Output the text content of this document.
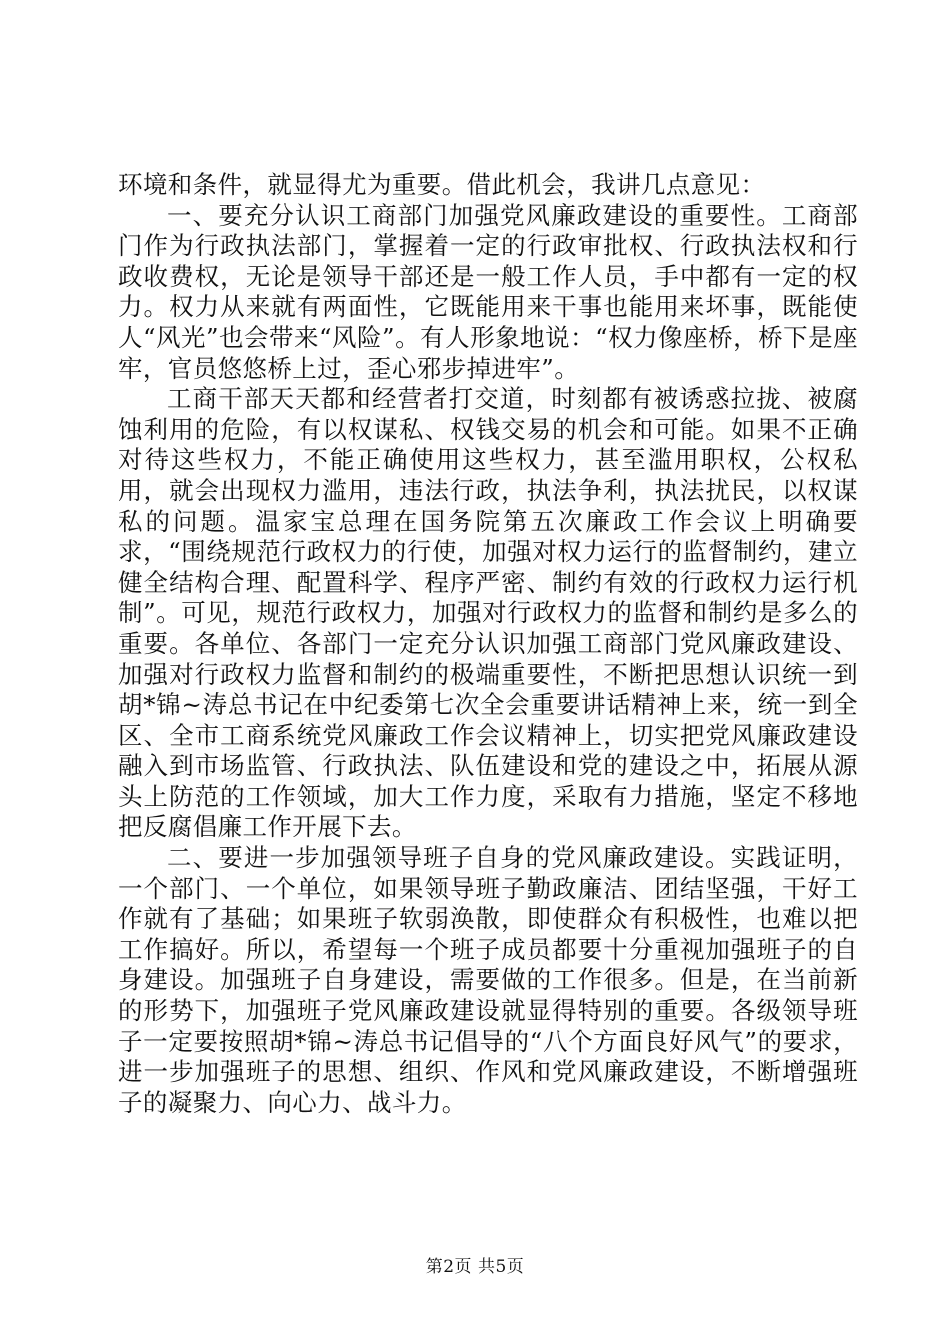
环境和条件，就显得尤为重要。借此机会，我讲几点意见：

一、要充分认识工商部门加强党风廉政建设的重要性。工商部门作为行政执法部门，掌握着一定的行政审批权、行政执法权和行政收费权，无论是领导干部还是一般工作人员，手中都有一定的权力。权力从来就有两面性，它既能用来干事也能用来坏事，既能使人“风光”也会带来“风险”。有人形象地说：“权力像座桥，桥下是座牢，官员悠悠桥上过，歪心邪步掉进牢”。

工商干部天天都和经营者打交道，时刻都有被诱惑拉拢、被腐蚀利用的危险，有以权谋私、权钱交易的机会和可能。如果不正确对待这些权力，不能正确使用这些权力，甚至滥用职权，公权私用，就会出现权力滥用，违法行政，执法争利，执法扰民，以权谋私的问题。温家宝总理在国务院第五次廉政工作会议上明确要求，“围绕规范行政权力的行使，加强对权力运行的监督制约，建立健全结构合理、配置科学、程序严密、制约有效的行政权力运行机制”。可见，规范行政权力，加强对行政权力的监督和制约是多么的重要。各单位、各部门一定充分认识加强工商部门党风廉政建设、加强对行政权力监督和制约的极端重要性，不断把思想认识统一到胡*锦~涛总书记在中纪委第七次全会重要讲话精神上来，统一到全区、全市工商系统党风廉政工作会议精神上，切实把党风廉政建设融入到市场监管、行政执法、队伍建设和党的建设之中，拓展从源头上防范的工作领域，加大工作力度，采取有力措施，坚定不移地把反腐倡廉工作开展下去。

二、要进一步加强领导班子自身的党风廉政建设。实践证明，一个部门、一个单位，如果领导班子勤政廉洁、团结坚强，干好工作就有了基础；如果班子软弱涣散，即使群众有积极性，也难以把工作搞好。所以，希望每一个班子成员都要十分重视加强班子的自身建设。加强班子自身建设，需要做的工作很多。但是，在当前新的形势下，加强班子党风廉政建设就显得特别的重要。各级领导班子一定要按照胡*锦~涛总书记倡导的“八个方面良好风气”的要求，进一步加强班子的思想、组织、作风和党风廉政建设，不断增强班子的凝聚力、向心力、战斗力。

第2页 共5页
